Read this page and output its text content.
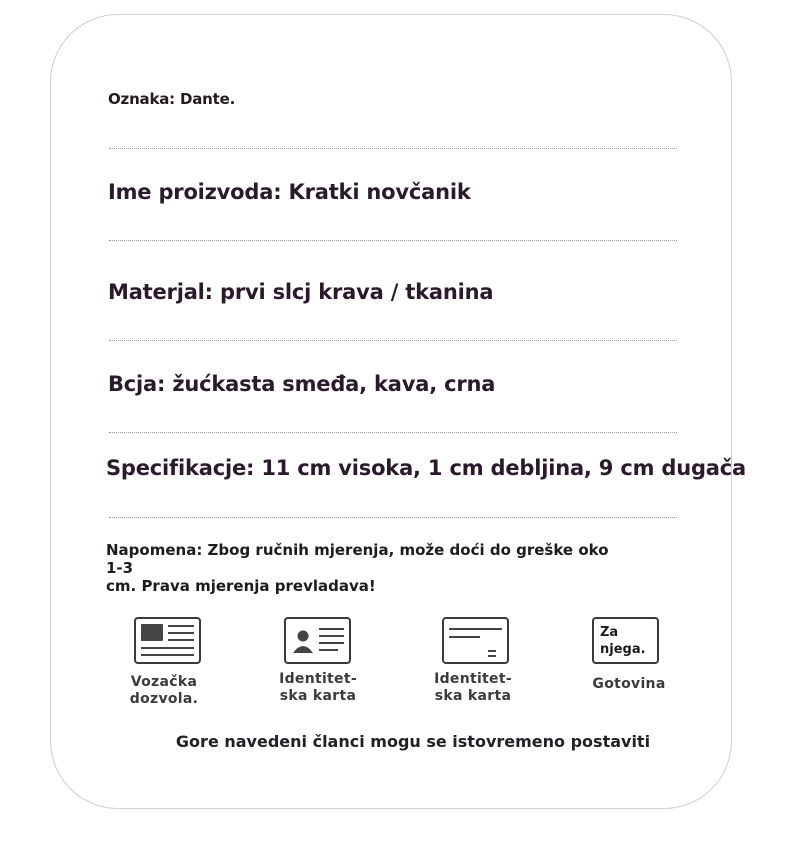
Oznaka: Dante.
Ime proizvoda: Kratki novčanik
Materjal: prvi slcj krava / tkanina
Bcja: žućkasta smeđa, kava, crna
Specifikacje: 11 cm visoka, 1 cm debljina, 9 cm dugača
Napomena: Zbog ručnih mjerenja, može doći do greške oko 1-3
cm. Prava mjerenja prevladava!
Vozačka
dozvola.
Identitet-
ska karta
Identitet-
ska karta
Za
njega.
Gotovina
Gore navedeni članci mogu se istovremeno postaviti
